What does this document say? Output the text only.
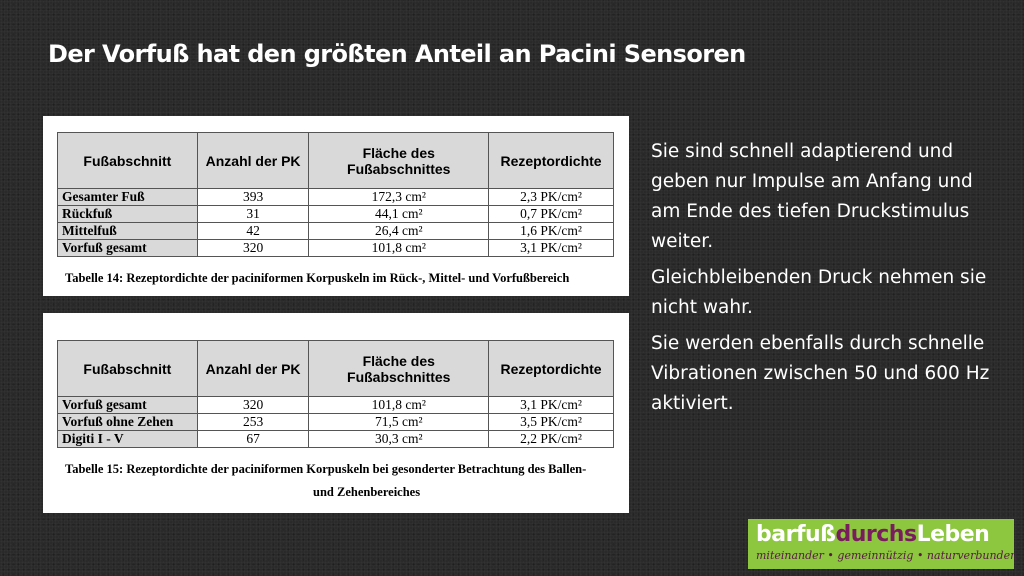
Der Vorfuß hat den größten Anteil an Pacini Sensoren
Fußabschnitt	Anzahl der PK	Fläche des Fußabschnittes	Rezeptordichte
Gesamter Fuß	393	172,3 cm²	2,3 PK/cm²
Rückfuß	31	44,1 cm²	0,7 PK/cm²
Mittelfuß	42	26,4 cm²	1,6 PK/cm²
Vorfuß gesamt	320	101,8 cm²	3,1 PK/cm²
Tabelle 14: Rezeptordichte der paciniformen Korpuskeln im Rück-, Mittel- und Vorfußbereich
Fußabschnitt	Anzahl der PK	Fläche des Fußabschnittes	Rezeptordichte
Vorfuß gesamt	320	101,8 cm²	3,1 PK/cm²
Vorfuß ohne Zehen	253	71,5 cm²	3,5 PK/cm²
Digiti I - V	67	30,3 cm²	2,2 PK/cm²
Tabelle 15: Rezeptordichte der paciniformen Korpuskeln bei gesonderter Betrachtung des Ballen-
und Zehenbereiches

Sie sind schnell adaptierend und geben nur Impulse am Anfang und am Ende des tiefen Druckstimulus weiter.

Gleichbleibenden Druck nehmen sie nicht wahr.

Sie werden ebenfalls durch schnelle Vibrationen zwischen 50 und 600 Hz aktiviert.

barfußdurchsLeben
miteinander • gemeinnützig • naturverbunden
